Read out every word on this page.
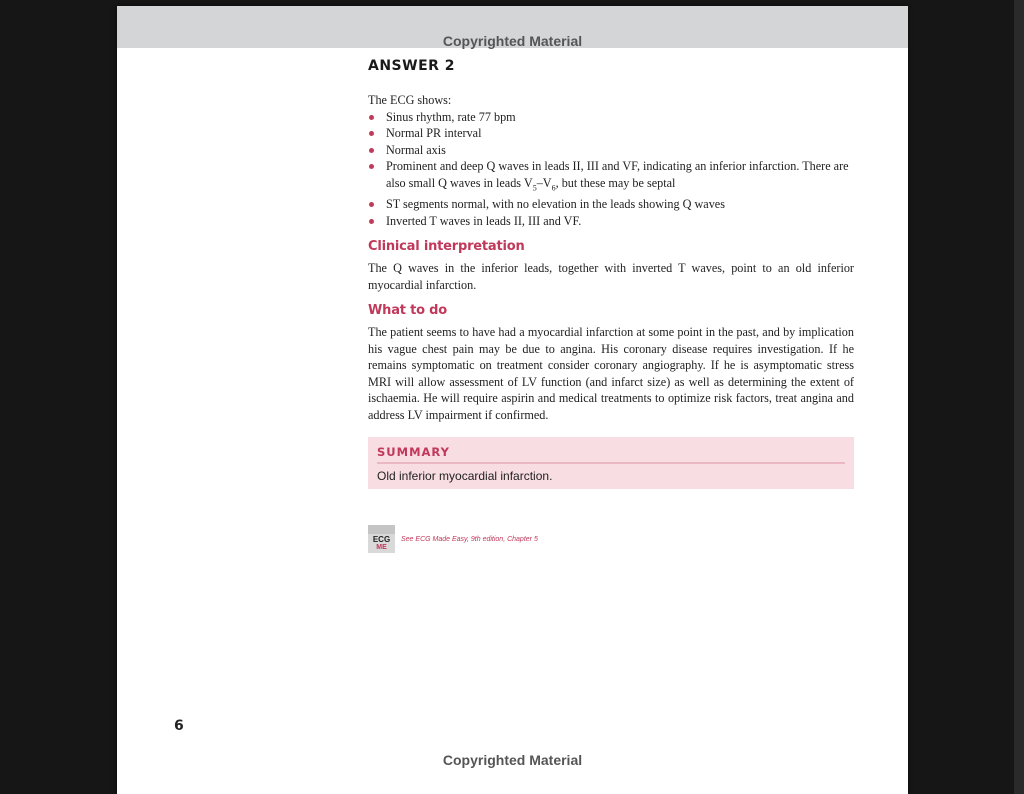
Copyrighted Material
ANSWER 2

The ECG shows:

Sinus rhythm, rate 77 bpm
Normal PR interval
Normal axis
Prominent and deep Q waves in leads II, III and VF, indicating an inferior infarction. There are also small Q waves in leads $V_5-V_6$, but these may be septal
ST segments normal, with no elevation in the leads showing Q waves
Inverted T waves in leads II, III and VF.
Clinical interpretation

The Q waves in the inferior leads, together with inverted T waves, point to an old inferior myocardial infarction.

What to do

The patient seems to have had a myocardial infarction at some point in the past, and by implication his vague chest pain may be due to angina. His coronary disease requires investigation. If he remains symptomatic on treatment consider coronary angiography. If he is asymptomatic stress MRI will allow assessment of LV function (and infarct size) as well as determining the extent of ischaemia. He will require aspirin and medical treatments to optimize risk factors, treat angina and address LV impairment if confirmed.

SUMMARY
Old inferior myocardial infarction.
ECG
ME
See ECG Made Easy, 9th edition, Chapter 5
6
Copyrighted Material
